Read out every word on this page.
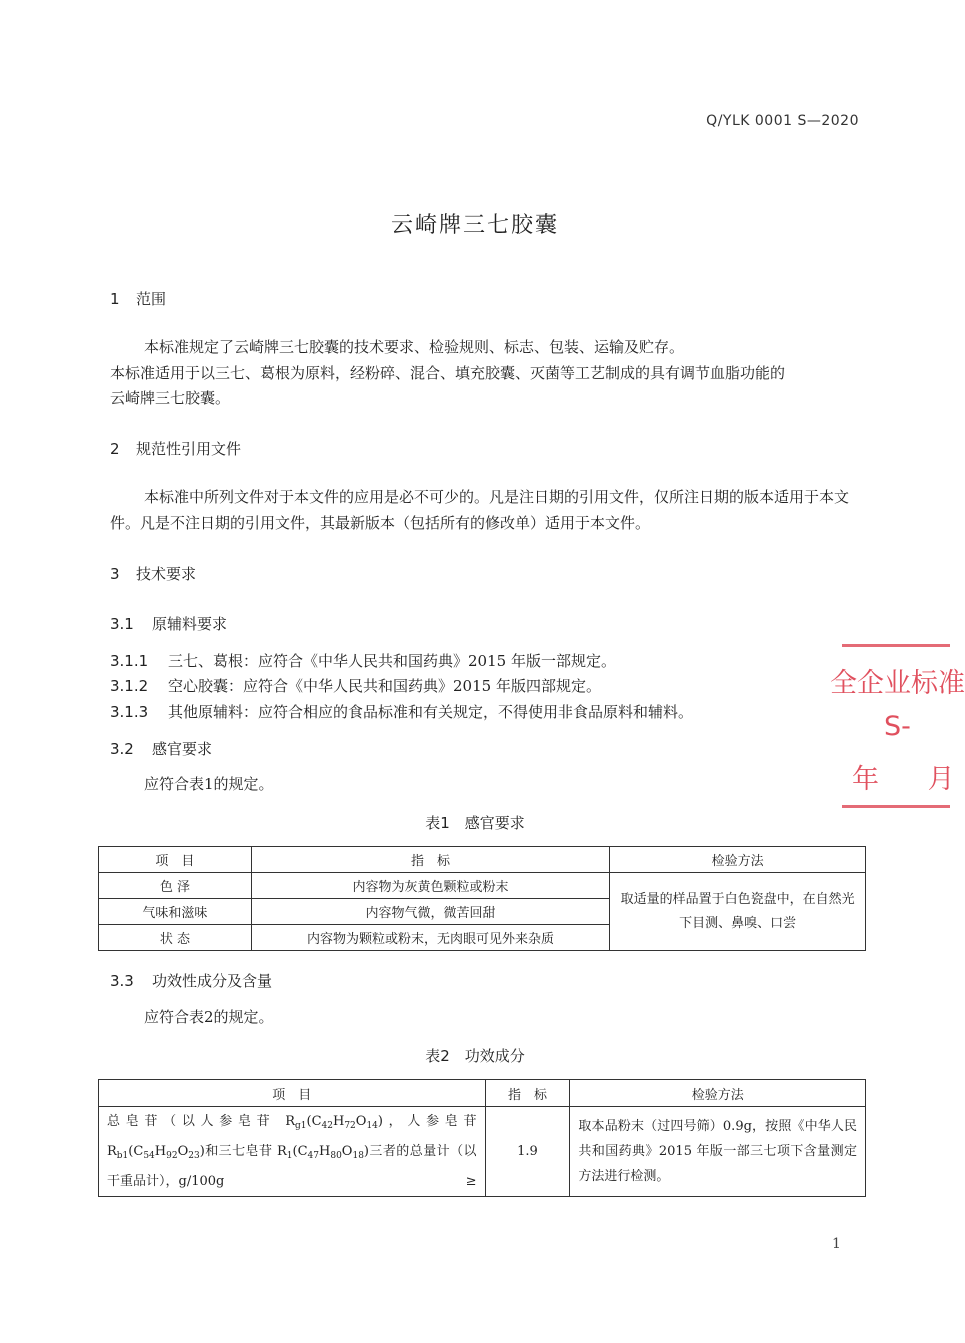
Q/YLK 0001 S—2020
云崎牌三七胶囊
1 范围
本标准规定了云崎牌三七胶囊的技术要求、检验规则、标志、包装、运输及贮存。
本标准适用于以三七、葛根为原料，经粉碎、混合、填充胶囊、灭菌等工艺制成的具有调节血脂功能的
云崎牌三七胶囊。
2 规范性引用文件
本标准中所列文件对于本文件的应用是必不可少的。凡是注日期的引用文件，仅所注日期的版本适用于本文件。凡是不注日期的引用文件，其最新版本（包括所有的修改单）适用于本文件。
3 技术要求
3.1 原辅料要求
3.1.1 三七、葛根：应符合《中华人民共和国药典》2015 年版一部规定。
3.1.2 空心胶囊：应符合《中华人民共和国药典》2015 年版四部规定。
3.1.3 其他原辅料：应符合相应的食品标准和有关规定，不得使用非食品原料和辅料。
3.2 感官要求
应符合表1的规定。
表1　感官要求
项　目	指　标	检验方法
色 泽	内容物为灰黄色颗粒或粉末	取适量的样品置于白色瓷盘中，在自然光下目测、鼻嗅、口尝
气味和滋味	内容物气微，微苦回甜	
状 态	内容物为颗粒或粉末，无肉眼可见外来杂质	
3.3 功效性成分及含量
应符合表2的规定。
表2　功效成分
项　目	指　标	检验方法
总皂苷（以人参皂苷 $R_{g1}(C_{42}H_{72}O_{14})$，人参皂苷 $R_{b1}(C_{54}H_{92}O_{23})$和三七皂苷 $R_1(C_{47}H_{80}O_{18})$三者的总量计（以干重品计），g/100g ≥	1.9	取本品粉末（过四号筛）0.9g，按照《中华人民共和国药典》2015 年版一部三七项下含量测定方法进行检测。
全企业标准
S-
年 月
1
